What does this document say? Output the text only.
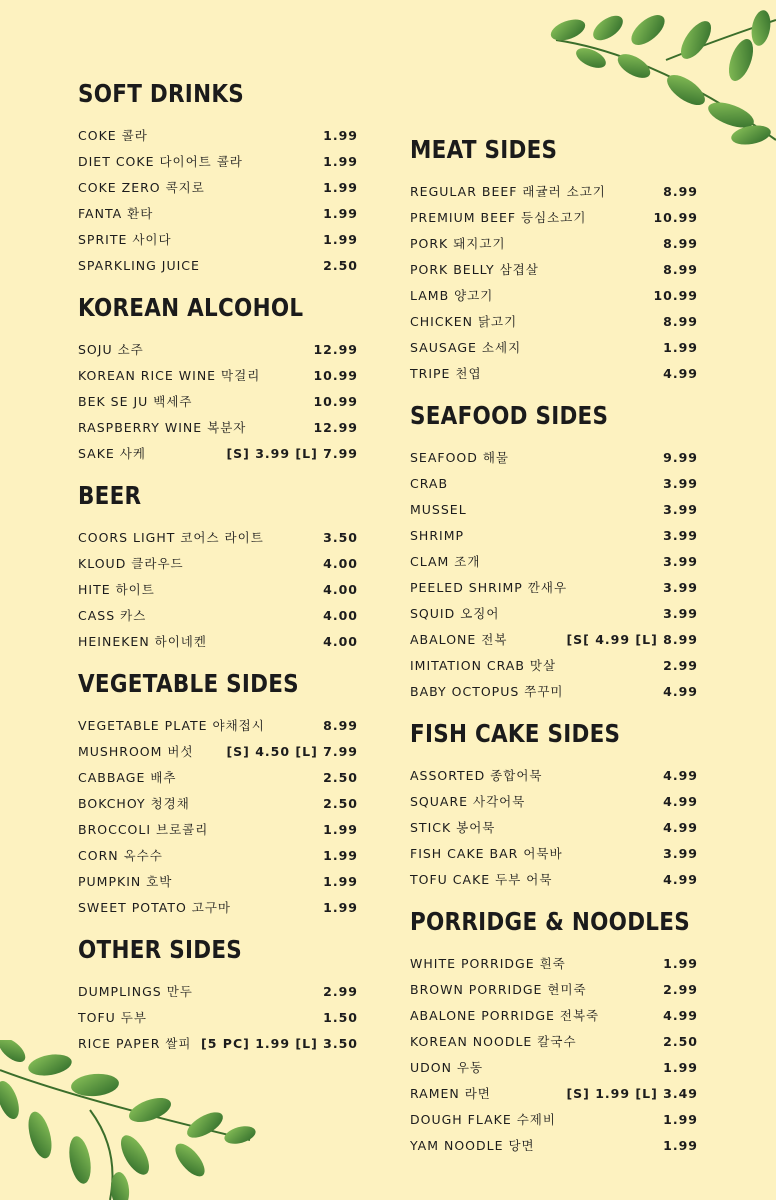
SOFT DRINKS
COKE 콜라	1.99
DIET COKE 다이어트 콜라	1.99
COKE ZERO 콕지로	1.99
FANTA 환타	1.99
SPRITE 사이다	1.99
SPARKLING JUICE	2.50
KOREAN ALCOHOL
SOJU 소주	12.99
KOREAN RICE WINE 막걸리	10.99
BEK SE JU 백세주	10.99
RASPBERRY WINE 복분자	12.99
SAKE 사케	[S] 3.99 [L] 7.99
BEER
COORS LIGHT 코어스 라이트	3.50
KLOUD 클라우드	4.00
HITE 하이트	4.00
CASS 카스	4.00
HEINEKEN 하이네켄	4.00
VEGETABLE SIDES
VEGETABLE PLATE 야채접시	8.99
MUSHROOM 버섯	[S] 4.50 [L] 7.99
CABBAGE 배추	2.50
BOKCHOY 청경채	2.50
BROCCOLI 브로콜리	1.99
CORN 옥수수	1.99
PUMPKIN 호박	1.99
SWEET POTATO 고구마	1.99
OTHER SIDES
DUMPLINGS 만두	2.99
TOFU 두부	1.50
RICE PAPER 쌀피 [5 PC] 1.99 [L] 3.50
MEAT SIDES
REGULAR BEEF 래귤러 소고기	8.99
PREMIUM BEEF 등심소고기	10.99
PORK 돼지고기	8.99
PORK BELLY 삼겹살	8.99
LAMB 양고기	10.99
CHICKEN 닭고기	8.99
SAUSAGE 소세지	1.99
TRIPE 천엽	4.99
SEAFOOD SIDES
SEAFOOD 해물	9.99
CRAB	3.99
MUSSEL	3.99
SHRIMP	3.99
CLAM 조개	3.99
PEELED SHRIMP 깐새우	3.99
SQUID 오징어	3.99
ABALONE 전복	[S[ 4.99 [L] 8.99
IMITATION CRAB 맛살	2.99
BABY OCTOPUS 쭈꾸미	4.99
FISH CAKE SIDES
ASSORTED 종합어묵	4.99
SQUARE 사각어묵	4.99
STICK 봉어묵	4.99
FISH CAKE BAR 어묵바	3.99
TOFU CAKE 두부 어묵	4.99
PORRIDGE & NOODLES
WHITE PORRIDGE 흰죽	1.99
BROWN PORRIDGE 현미죽	2.99
ABALONE PORRIDGE 전복죽	4.99
KOREAN NOODLE 칼국수	2.50
UDON 우동	1.99
RAMEN 라면	[S] 1.99 [L] 3.49
DOUGH FLAKE 수제비	1.99
YAM NOODLE 당면	1.99
